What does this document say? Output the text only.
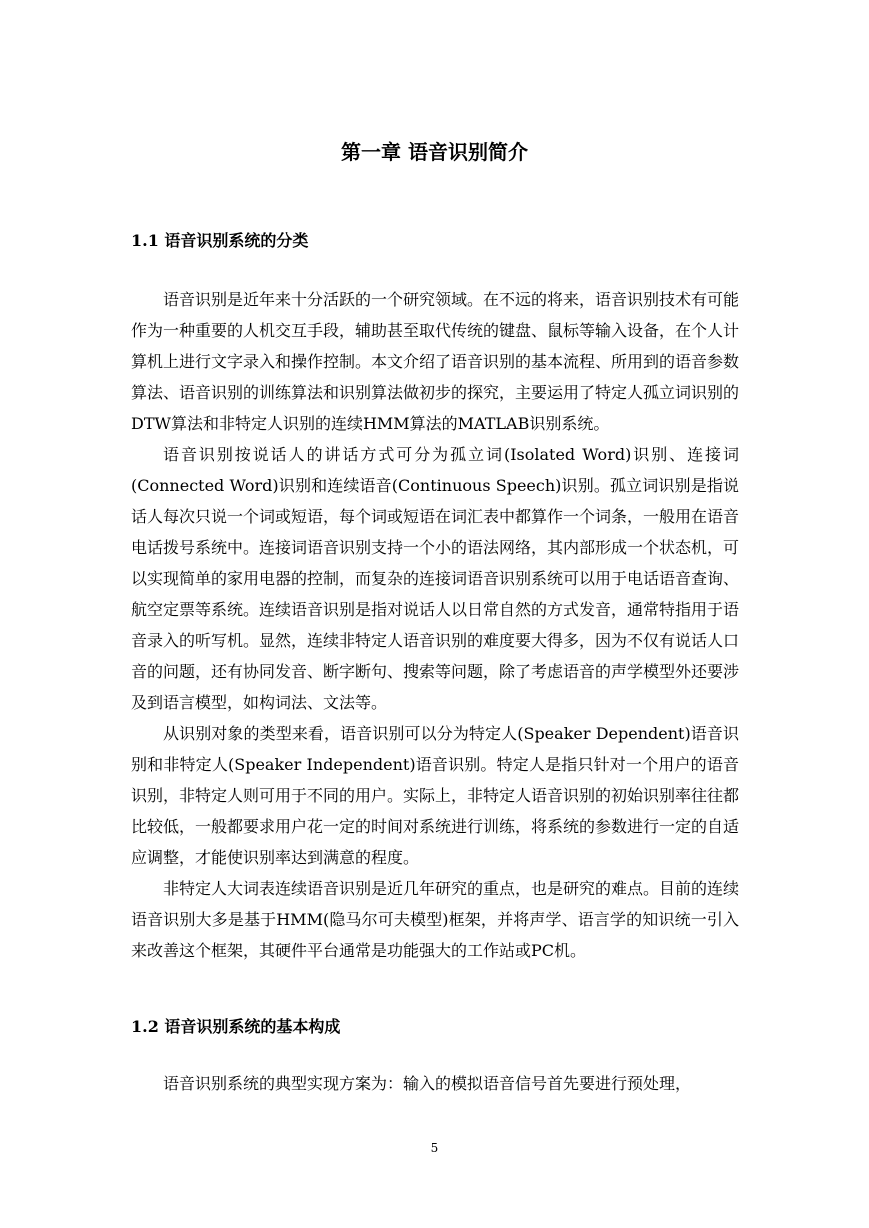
第一章 语音识别简介
1.1 语音识别系统的分类

语音识别是近年来十分活跃的一个研究领域。在不远的将来，语音识别技术有可能作为一种重要的人机交互手段，辅助甚至取代传统的键盘、鼠标等输入设备，在个人计算机上进行文字录入和操作控制。本文介绍了语音识别的基本流程、所用到的语音参数算法、语音识别的训练算法和识别算法做初步的探究，主要运用了特定人孤立词识别的DTW算法和非特定人识别的连续HMM算法的MATLAB识别系统。

语音识别按说话人的讲话方式可分为孤立词(Isolated Word)识别、连接词(Connected Word)识别和连续语音(Continuous Speech)识别。孤立词识别是指说话人每次只说一个词或短语，每个词或短语在词汇表中都算作一个词条，一般用在语音电话拨号系统中。连接词语音识别支持一个小的语法网络，其内部形成一个状态机，可以实现简单的家用电器的控制，而复杂的连接词语音识别系统可以用于电话语音查询、航空定票等系统。连续语音识别是指对说话人以日常自然的方式发音，通常特指用于语音录入的听写机。显然，连续非特定人语音识别的难度要大得多，因为不仅有说话人口音的问题，还有协同发音、断字断句、搜索等问题，除了考虑语音的声学模型外还要涉及到语言模型，如构词法、文法等。

从识别对象的类型来看，语音识别可以分为特定人(Speaker Dependent)语音识别和非特定人(Speaker Independent)语音识别。特定人是指只针对一个用户的语音识别，非特定人则可用于不同的用户。实际上，非特定人语音识别的初始识别率往往都比较低，一般都要求用户花一定的时间对系统进行训练，将系统的参数进行一定的自适应调整，才能使识别率达到满意的程度。

非特定人大词表连续语音识别是近几年研究的重点，也是研究的难点。目前的连续语音识别大多是基于HMM(隐马尔可夫模型)框架，并将声学、语言学的知识统一引入来改善这个框架，其硬件平台通常是功能强大的工作站或PC机。

1.2 语音识别系统的基本构成

语音识别系统的典型实现方案为：输入的模拟语音信号首先要进行预处理，

5
